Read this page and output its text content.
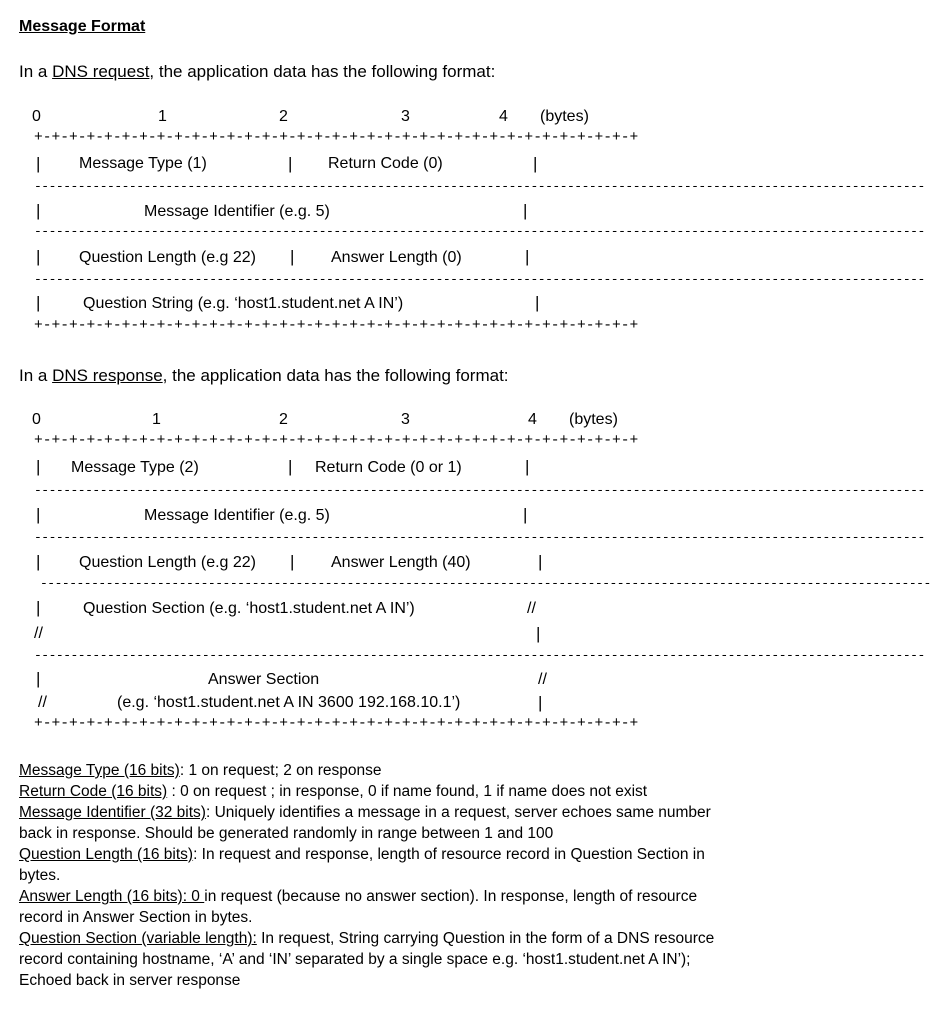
Message Format
In a DNS request, the application data has the following format:
0	1	2	3	4 (bytes)
+-+-+-+-+-+-+-+-+-+-+-+-+-+-+-+-+-+-+-+-+-+-+-+-+-+-+-+-+-+-+-+-+-+-+
| Message Type (1)	| Return Code (0)	|
--------------------------------------------------------------------------------------------------------------------------
|	Message Identifier (e.g. 5)	|
--------------------------------------------------------------------------------------------------------------------------
| Question Length (e.g 22) | Answer Length (0)	|
--------------------------------------------------------------------------------------------------------------------------
|	Question String (e.g. ‘host1.student.net A IN’)	|
+-+-+-+-+-+-+-+-+-+-+-+-+-+-+-+-+-+-+-+-+-+-+-+-+-+-+-+-+-+-+-+-+-+-+
In a DNS response, the application data has the following format:
0	1	2	3	4 (bytes)
+-+-+-+-+-+-+-+-+-+-+-+-+-+-+-+-+-+-+-+-+-+-+-+-+-+-+-+-+-+-+-+-+-+-+
| Message Type (2)	| Return Code (0 or 1)	|
--------------------------------------------------------------------------------------------------------------------------
|	Message Identifier (e.g. 5)	|
--------------------------------------------------------------------------------------------------------------------------
| Question Length (e.g 22) | Answer Length (40)	|
--------------------------------------------------------------------------------------------------------------------------
|	Question Section (e.g. ‘host1.student.net A IN’)	//
//	|
--------------------------------------------------------------------------------------------------------------------------
|	Answer Section	//
//	(e.g. ‘host1.student.net A IN 3600 192.168.10.1’)	|
+-+-+-+-+-+-+-+-+-+-+-+-+-+-+-+-+-+-+-+-+-+-+-+-+-+-+-+-+-+-+-+-+-+-+
Message Type (16 bits): 1 on request; 2 on response
Return Code (16 bits) : 0 on request ; in response, 0 if name found, 1 if name does not exist
Message Identifier (32 bits): Uniquely identifies a message in a request, server echoes same number back in response. Should be generated randomly in range between 1 and 100
Question Length (16 bits): In request and response, length of resource record in Question Section in bytes.
Answer Length (16 bits): 0 in request (because no answer section). In response, length of resource record in Answer Section in bytes.
Question Section (variable length): In request, String carrying Question in the form of a DNS resource record containing hostname, ‘A’ and ‘IN’ separated by a single space e.g. ‘host1.student.net A IN’); Echoed back in server response
